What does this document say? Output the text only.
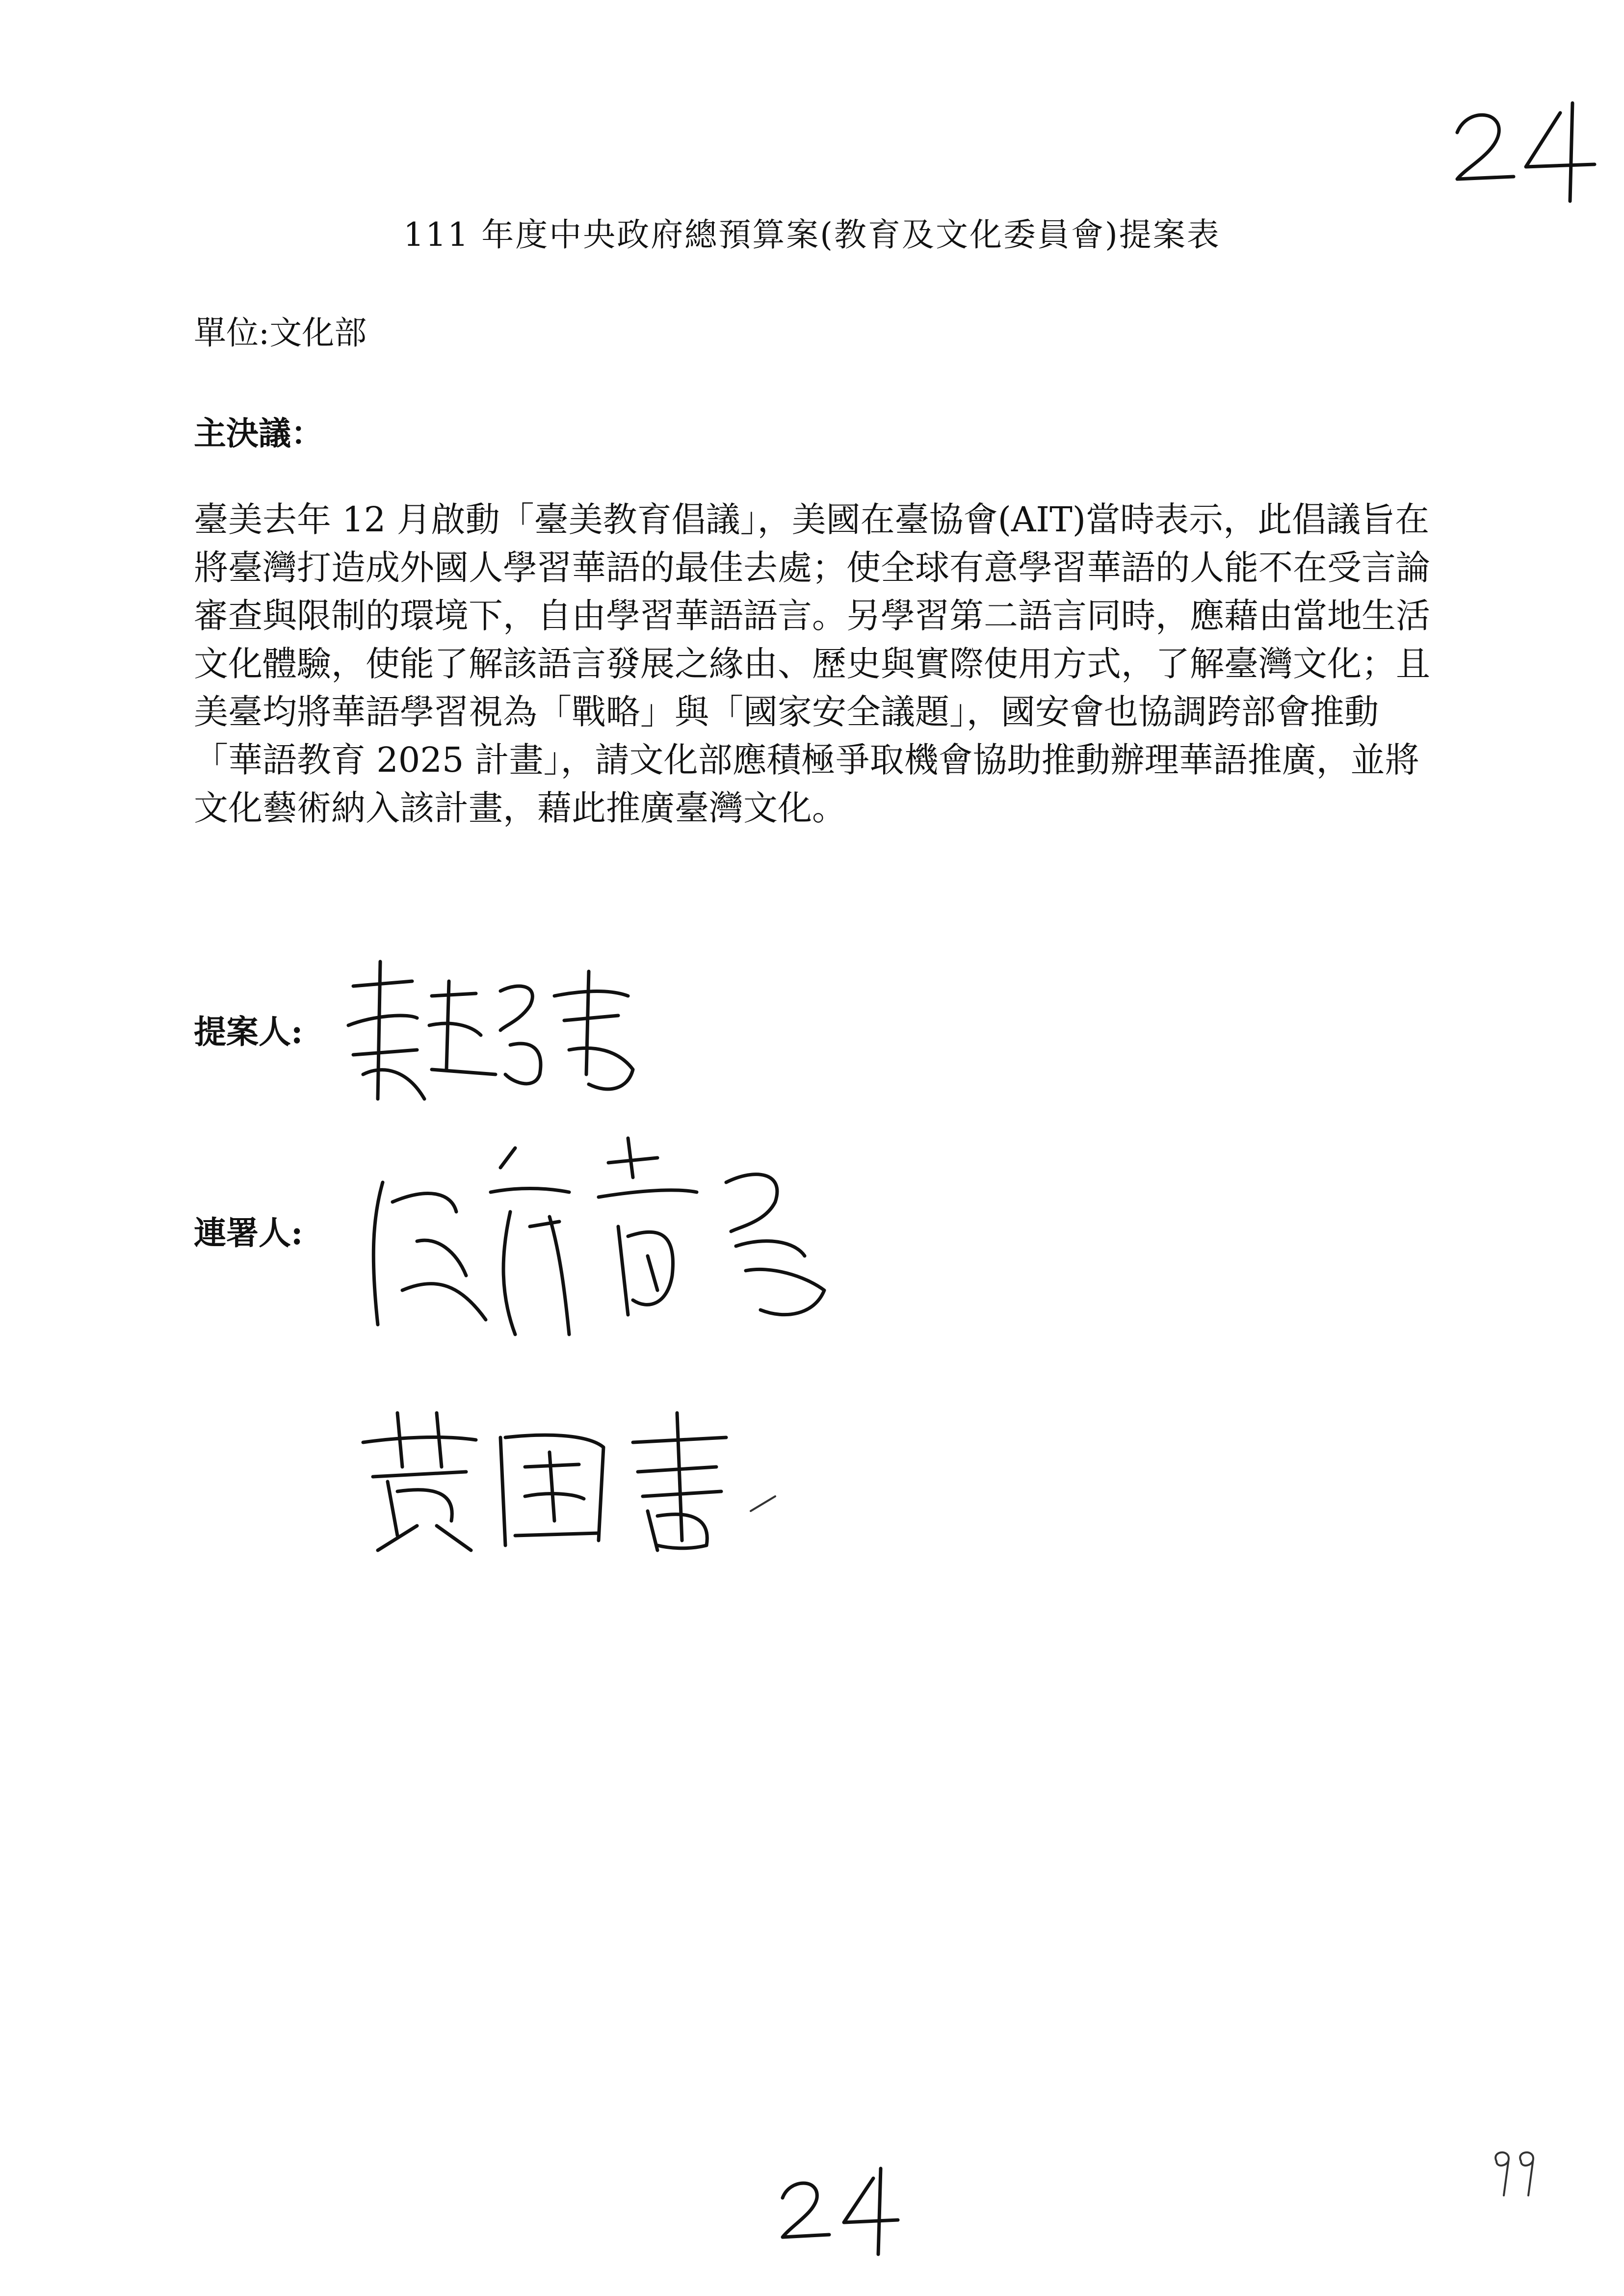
111 年度中央政府總預算案(教育及文化委員會)提案表
單位:文化部
主決議：

臺美去年 12 月啟動「臺美教育倡議」，美國在臺協會(AIT)當時表示，此倡議旨在將臺灣打造成外國人學習華語的最佳去處；使全球有意學習華語的人能不在受言論審查與限制的環境下，自由學習華語語言。另學習第二語言同時，應藉由當地生活文化體驗，使能了解該語言發展之緣由、歷史與實際使用方式，了解臺灣文化；且美臺均將華語學習視為「戰略」與「國家安全議題」，國安會也協調跨部會推動「華語教育 2025 計畫」，請文化部應積極爭取機會協助推動辦理華語推廣，並將文化藝術納入該計畫，藉此推廣臺灣文化。

提案人:
連署人:
